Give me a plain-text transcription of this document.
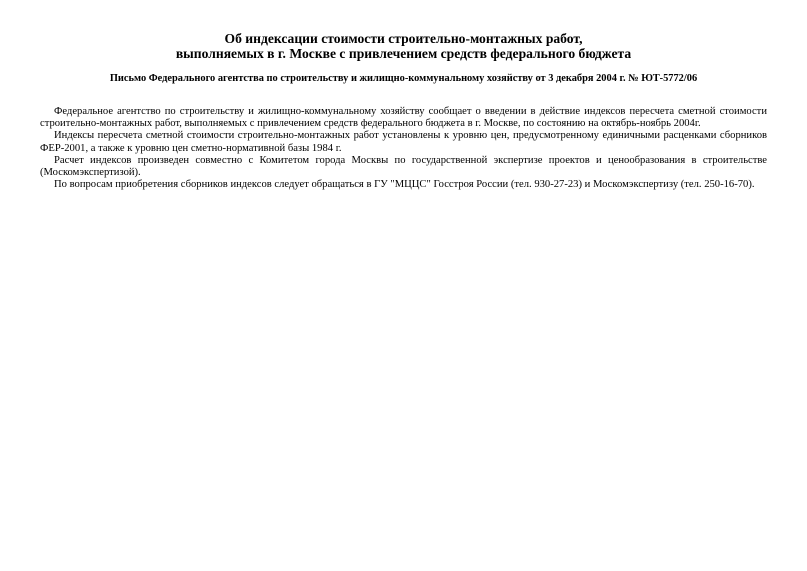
Об индексации стоимости строительно-монтажных работ,
выполняемых в г. Москве с привлечением средств федерального бюджета
Письмо Федерального агентства по строительству и жилищно-коммунальному хозяйству от 3 декабря 2004 г. № ЮТ-5772/06

Федеральное агентство по строительству и жилищно-коммунальному хозяйству сообщает о введении в действие индексов пересчета сметной стоимости строительно-монтажных работ, выполняемых с привлечением средств федерального бюджета в г. Москве, по состоянию на октябрь-ноябрь 2004г.

Индексы пересчета сметной стоимости строительно-монтажных работ установлены к уровню цен, предусмотренному единичными расценками сборников ФЕР-2001, а также к уровню цен сметно-нормативной базы 1984 г.

Расчет индексов произведен совместно с Комитетом города Москвы по государственной экспертизе проектов и ценообразования в строительстве (Москомэкспертизой).

По вопросам приобретения сборников индексов следует обращаться в ГУ "МЦЦС" Госстроя России (тел. 930-27-23) и Москомэкспертизу (тел. 250-16-70).
